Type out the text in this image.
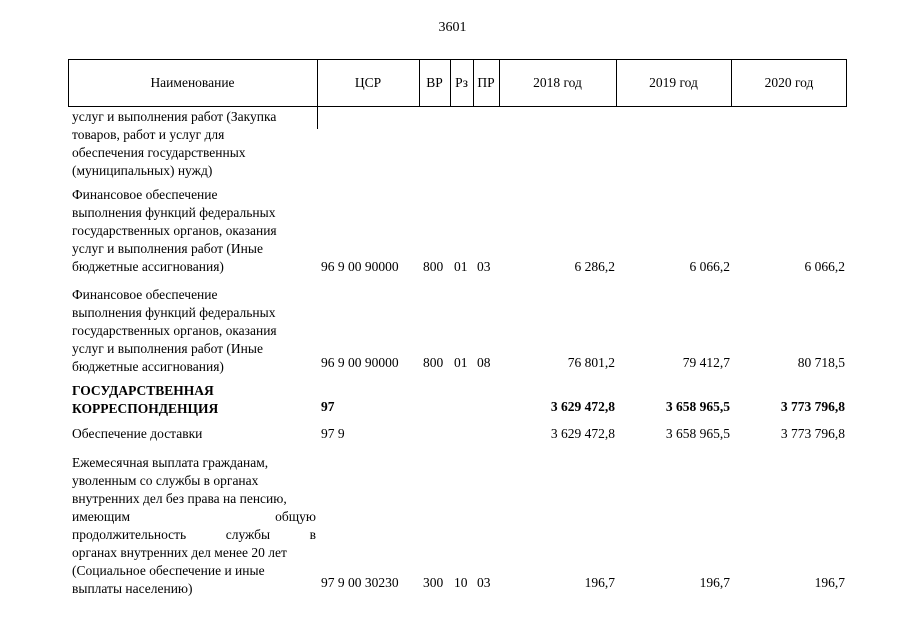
3601
Наименование	ЦСР	ВР Рз ПР	2018 год	2019 год	2020 год
услуг и выполнения работ (Закупка
товаров, работ и услуг для
обеспечения государственных
(муниципальных) нужд)
Финансовое обеспечение
выполнения функций федеральных
государственных органов, оказания
услуг и выполнения работ (Иные
бюджетные ассигнования)	96 9 00 90000 800 01 03	6 286,2	6 066,2	6 066,2
Финансовое обеспечение
выполнения функций федеральных
государственных органов, оказания
услуг и выполнения работ (Иные
бюджетные ассигнования)	96 9 00 90000 800 01 08	76 801,2	79 412,7	80 718,5
ГОСУДАРСТВЕННАЯ
КОРРЕСПОНДЕНЦИЯ	97	3 629 472,8	3 658 965,5	3 773 796,8
Обеспечение доставки	97 9	3 629 472,8	3 658 965,5	3 773 796,8
Ежемесячная выплата гражданам,
уволенным со службы в органах
внутренних дел без права на пенсию,
имеющим общую
продолжительность службы в
органах внутренних дел менее 20 лет
(Социальное обеспечение и иные
выплаты населению)	97 9 00 30230 300 10 03	196,7	196,7	196,7
